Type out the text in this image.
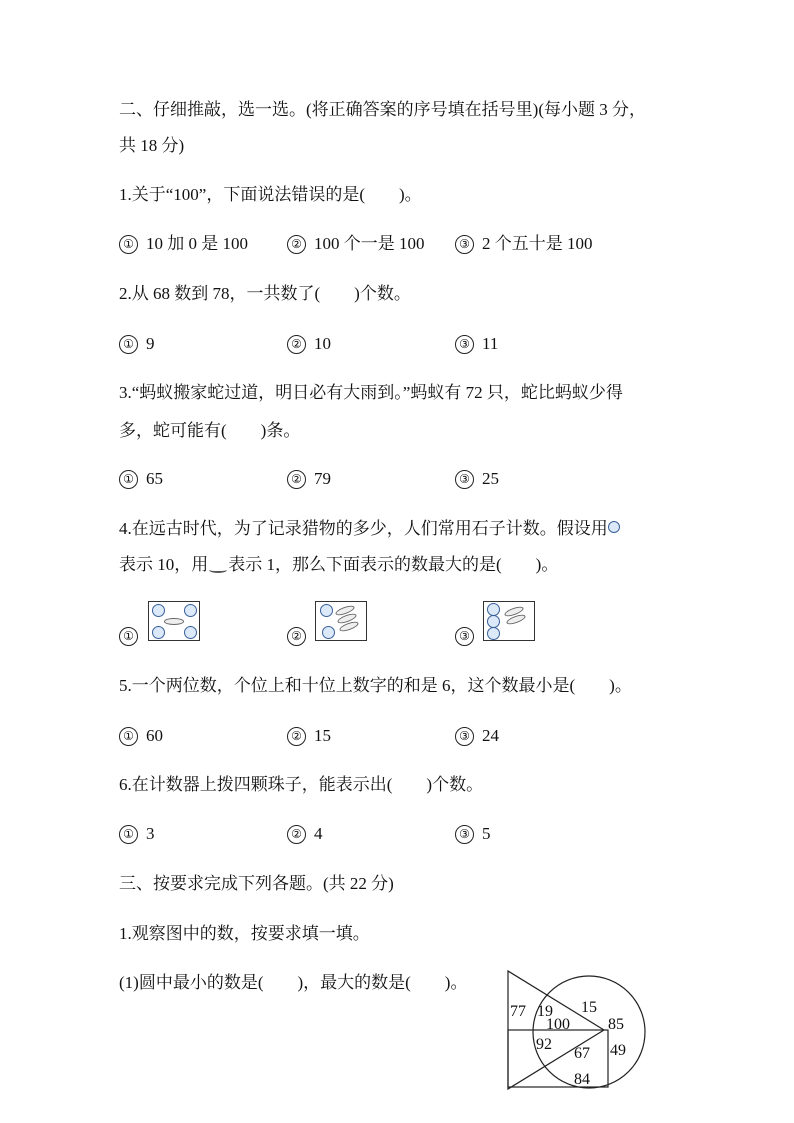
二、仔细推敲，选一选。(将正确答案的序号填在括号里)(每小题 3 分，
共 18 分)
1.关于“100”，下面说法错误的是(　　)。
① 10 加 0 是 100	② 100 个一是 100	③ 2 个五十是 100
2.从 68 数到 78，一共数了(　　)个数。
① 9	② 10	③ 11
3.“蚂蚁搬家蛇过道，明日必有大雨到。”蚂蚁有 72 只，蛇比蚂蚁少得
多，蛇可能有(　　)条。
① 65	② 79	③ 25
4.在远古时代，为了记录猎物的多少，人们常用石子计数。假设用
表示 10，用 表示 1，那么下面表示的数最大的是(　　)。
①	②	③
5.一个两位数，个位上和十位上数字的和是 6，这个数最小是(　　)。
① 60	② 15	③ 24
6.在计数器上拨四颗珠子，能表示出(　　)个数。
① 3	② 4	③ 5
三、按要求完成下列各题。(共 22 分)
1.观察图中的数，按要求填一填。
(1)圆中最小的数是(　　)，最大的数是(　　)。
77 19
100
15
85
49
92
67
84
